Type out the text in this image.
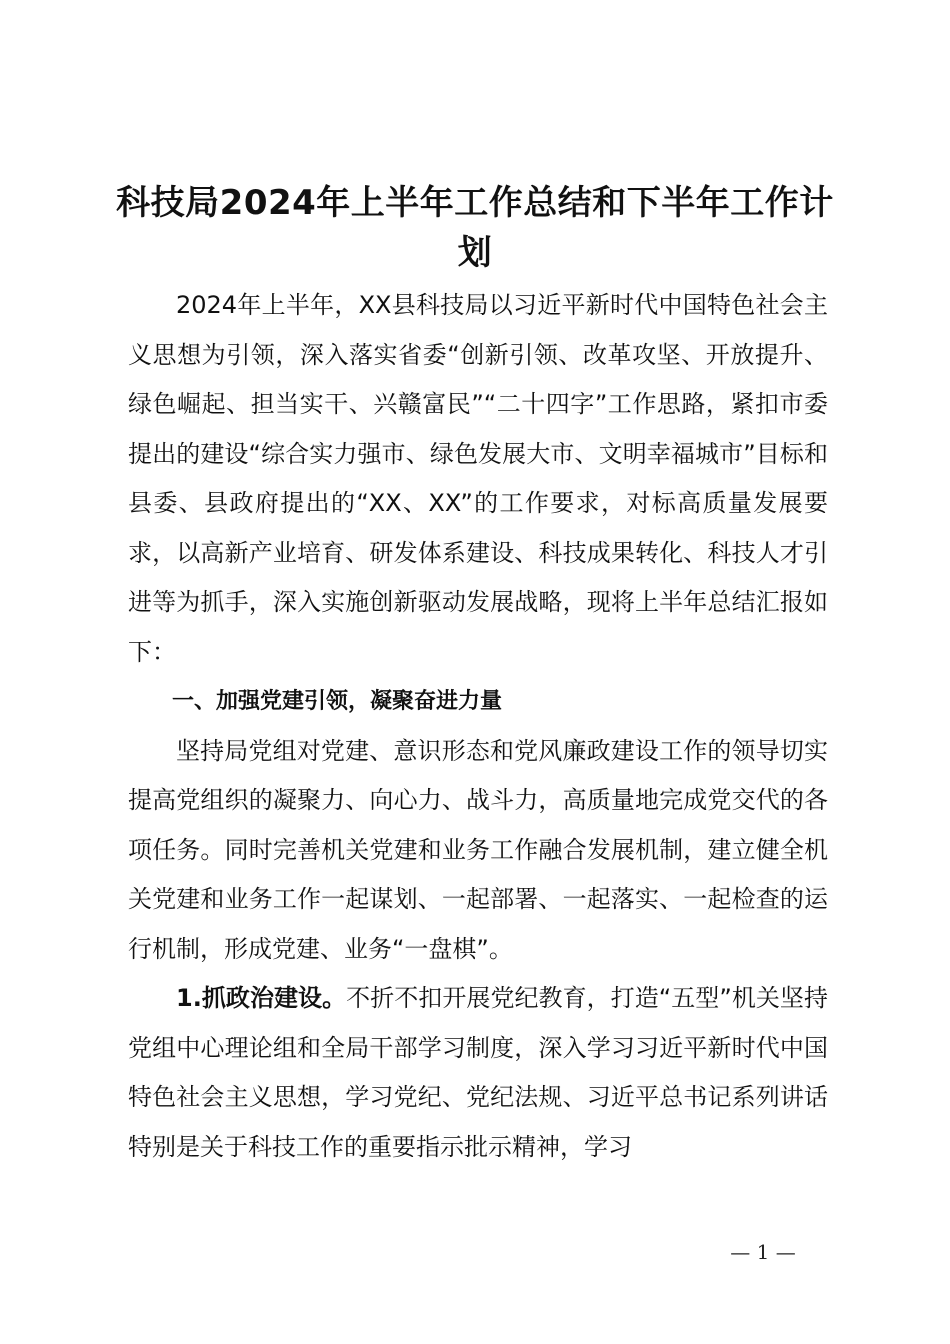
科技局2024年上半年工作总结和下半年工作计划

2024年上半年，XX县科技局以习近平新时代中国特色社会主义思想为引领，深入落实省委“创新引领、改革攻坚、开放提升、绿色崛起、担当实干、兴赣富民”“二十四字”工作思路，紧扣市委提出的建设“综合实力强市、绿色发展大市、文明幸福城市”目标和县委、县政府提出的“XX、XX”的工作要求，对标高质量发展要求，以高新产业培育、研发体系建设、科技成果转化、科技人才引进等为抓手，深入实施创新驱动发展战略，现将上半年总结汇报如下：

一、加强党建引领，凝聚奋进力量

坚持局党组对党建、意识形态和党风廉政建设工作的领导切实提高党组织的凝聚力、向心力、战斗力，高质量地完成党交代的各项任务。同时完善机关党建和业务工作融合发展机制，建立健全机关党建和业务工作一起谋划、一起部署、一起落实、一起检查的运行机制，形成党建、业务“一盘棋”。

1.抓政治建设。不折不扣开展党纪教育，打造“五型”机关坚持党组中心理论组和全局干部学习制度，深入学习习近平新时代中国特色社会主义思想，学习党纪、党纪法规、习近平总书记系列讲话特别是关于科技工作的重要指示批示精神，学习

— 1 —
